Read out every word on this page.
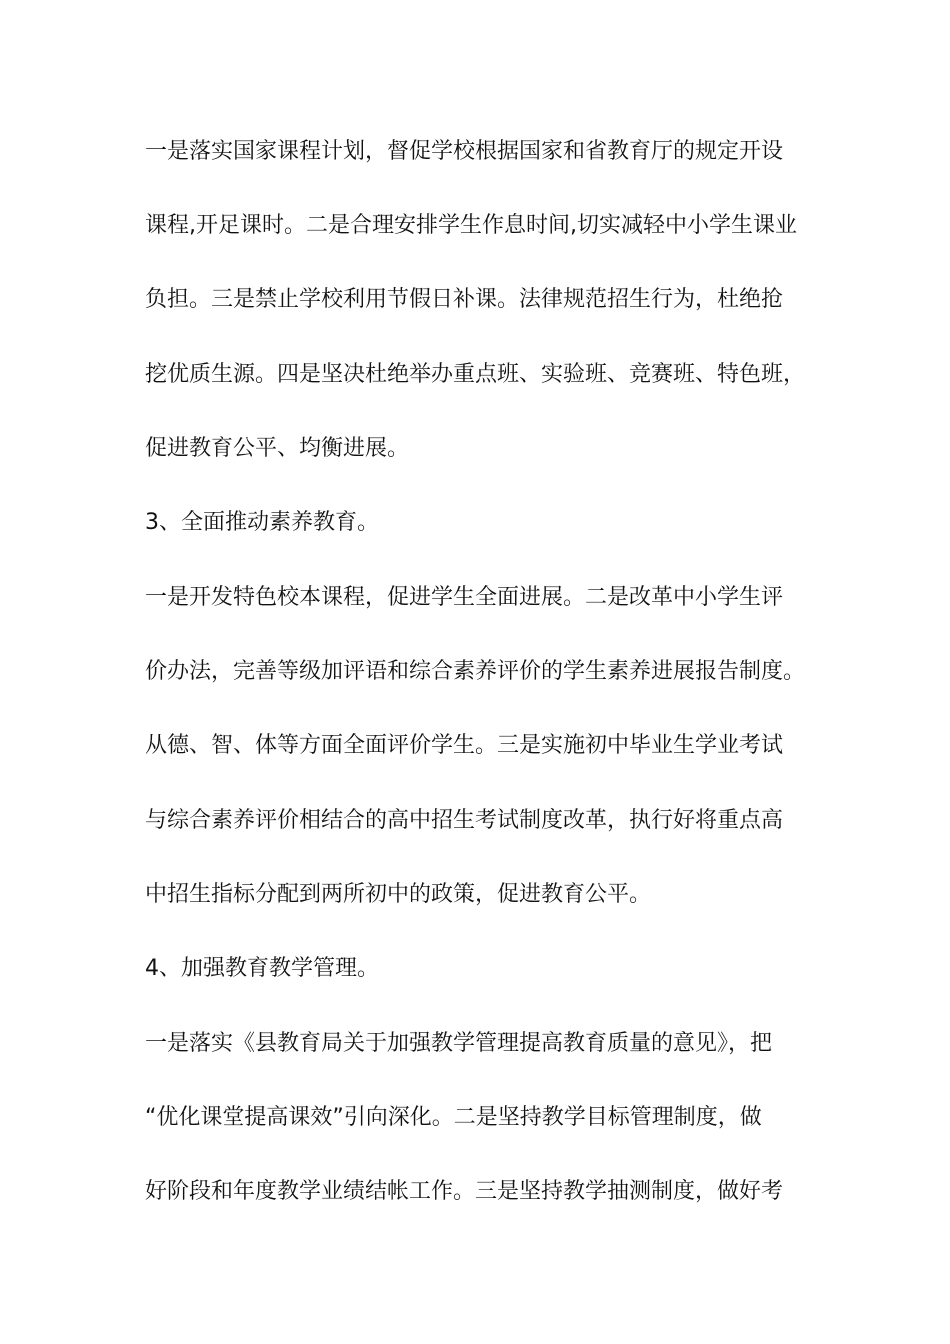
一是落实国家课程计划，督促学校根据国家和省教育厅的规定开设

课程,开足课时。二是合理安排学生作息时间,切实减轻中小学生课业

负担。三是禁止学校利用节假日补课。法律规范招生行为，杜绝抢

挖优质生源。四是坚决杜绝举办重点班、实验班、竞赛班、特色班，

促进教育公平、均衡进展。

3、全面推动素养教育。

一是开发特色校本课程，促进学生全面进展。二是改革中小学生评

价办法，完善等级加评语和综合素养评价的学生素养进展报告制度。

从德、智、体等方面全面评价学生。三是实施初中毕业生学业考试

与综合素养评价相结合的高中招生考试制度改革，执行好将重点高

中招生指标分配到两所初中的政策，促进教育公平。

4、加强教育教学管理。

一是落实《县教育局关于加强教学管理提高教育质量的意见》，把

“优化课堂提高课效”引向深化。二是坚持教学目标管理制度，做

好阶段和年度教学业绩结帐工作。三是坚持教学抽测制度，做好考
